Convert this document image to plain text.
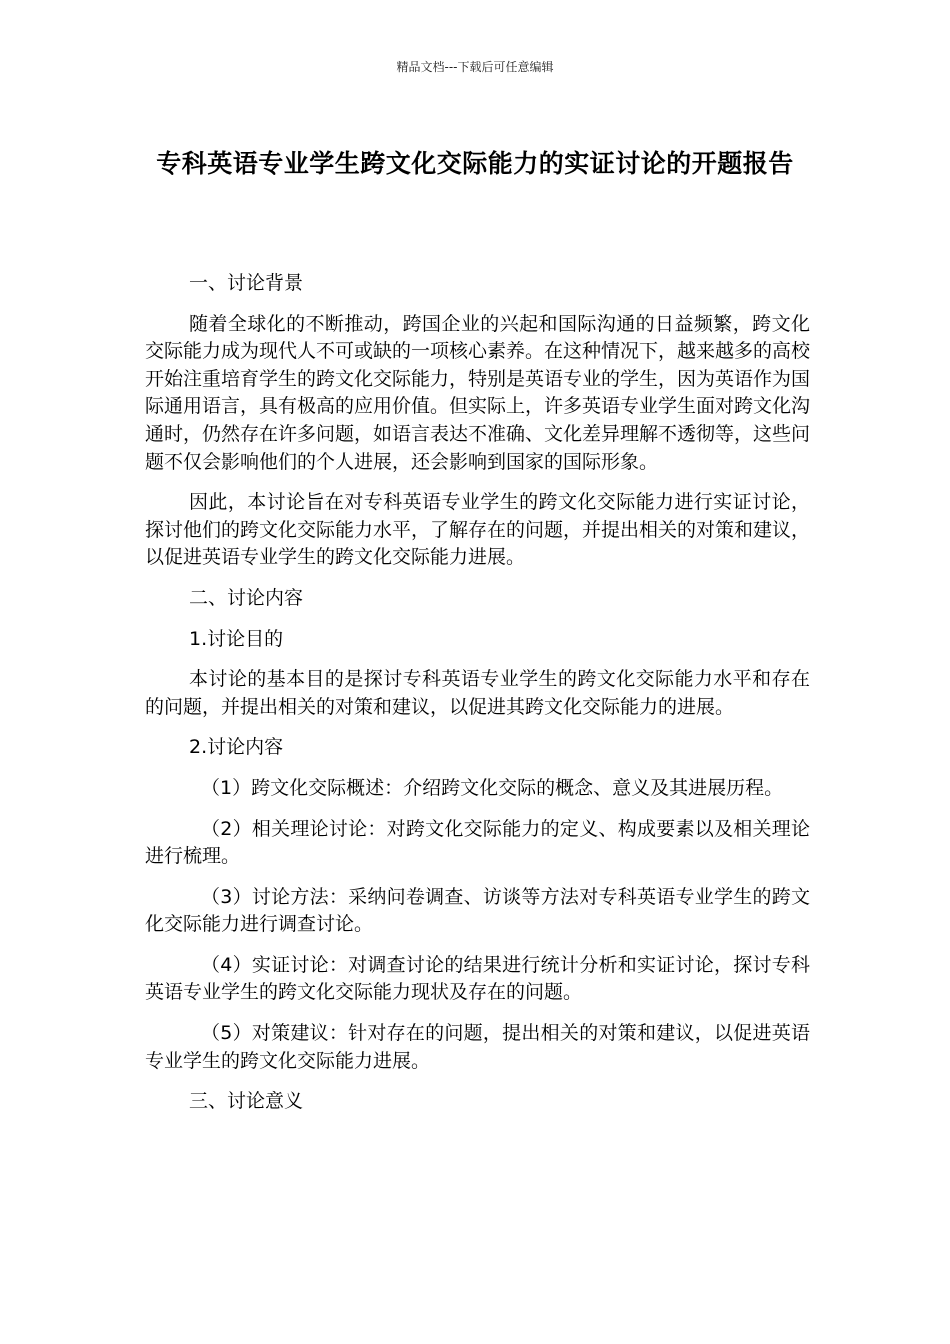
精品文档---下载后可任意编辑
专科英语专业学生跨文化交际能力的实证讨论的开题报告

一、讨论背景

随着全球化的不断推动，跨国企业的兴起和国际沟通的日益频繁，跨文化交际能力成为现代人不可或缺的一项核心素养。在这种情况下，越来越多的高校开始注重培育学生的跨文化交际能力，特别是英语专业的学生，因为英语作为国际通用语言，具有极高的应用价值。但实际上，许多英语专业学生面对跨文化沟通时，仍然存在许多问题，如语言表达不准确、文化差异理解不透彻等，这些问题不仅会影响他们的个人进展，还会影响到国家的国际形象。

因此，本讨论旨在对专科英语专业学生的跨文化交际能力进行实证讨论，探讨他们的跨文化交际能力水平，了解存在的问题，并提出相关的对策和建议，以促进英语专业学生的跨文化交际能力进展。

二、讨论内容

1.讨论目的

本讨论的基本目的是探讨专科英语专业学生的跨文化交际能力水平和存在的问题，并提出相关的对策和建议，以促进其跨文化交际能力的进展。

2.讨论内容

（1）跨文化交际概述：介绍跨文化交际的概念、意义及其进展历程。

（2）相关理论讨论：对跨文化交际能力的定义、构成要素以及相关理论进行梳理。

（3）讨论方法：采纳问卷调查、访谈等方法对专科英语专业学生的跨文化交际能力进行调查讨论。

（4）实证讨论：对调查讨论的结果进行统计分析和实证讨论，探讨专科英语专业学生的跨文化交际能力现状及存在的问题。

（5）对策建议：针对存在的问题，提出相关的对策和建议，以促进英语专业学生的跨文化交际能力进展。

三、讨论意义
